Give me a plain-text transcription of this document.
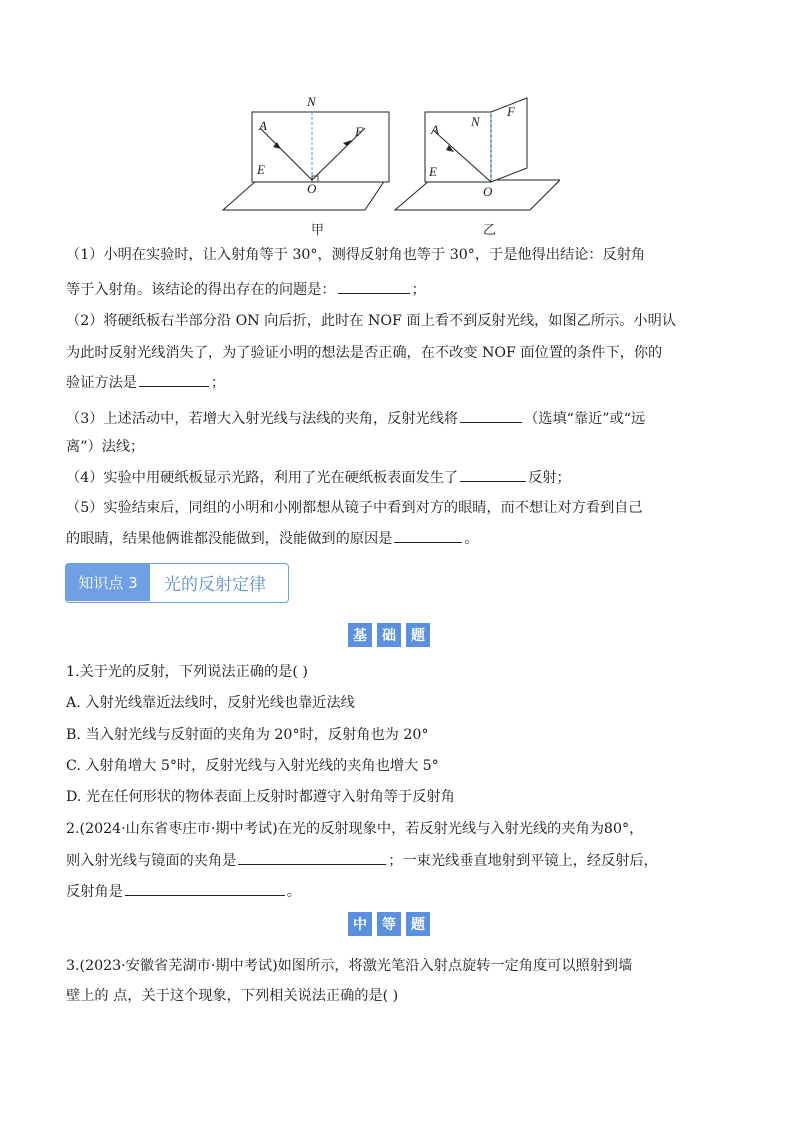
N
A	F
E
O
N
F
A
E
O
甲	乙
（1）小明在实验时，让入射角等于 30°，测得反射角也等于 30°，于是他得出结论：反射角
等于入射角。该结论的得出存在的问题是：	；
（2）将硬纸板右半部分沿 ON 向后折，此时在 NOF 面上看不到反射光线，如图乙所示。小明认
为此时反射光线消失了，为了验证小明的想法是否正确，在不改变 NOF 面位置的条件下，你的
验证方法是	；
（3）上述活动中，若增大入射光线与法线的夹角，反射光线将	（选填“靠近”或“远
离”）法线；
（4）实验中用硬纸板显示光路，利用了光在硬纸板表面发生了	反射；
（5）实验结束后，同组的小明和小刚都想从镜子中看到对方的眼睛，而不想让对方看到自己
的眼睛，结果他俩谁都没能做到，没能做到的原因是	。
知识点 3	光的反射定律
基	础	题
1.关于光的反射，下列说法正确的是( )
A. 入射光线靠近法线时，反射光线也靠近法线
B. 当入射光线与反射面的夹角为 20°时，反射角也为 20°
C. 入射角增大 5°时，反射光线与入射光线的夹角也增大 5°
D. 光在任何形状的物体表面上反射时都遵守入射角等于反射角
2.(2024·山东省枣庄市·期中考试)在光的反射现象中，若反射光线与入射光线的夹角为80°，
则入射光线与镜面的夹角是	；一束光线垂直地射到平镜上，经反射后，
反射角是	。
中	等	题
3.(2023·安徽省芜湖市·期中考试)如图所示，将激光笔沿入射点旋转一定角度可以照射到墙
壁上的 点，关于这个现象，下列相关说法正确的是( )
